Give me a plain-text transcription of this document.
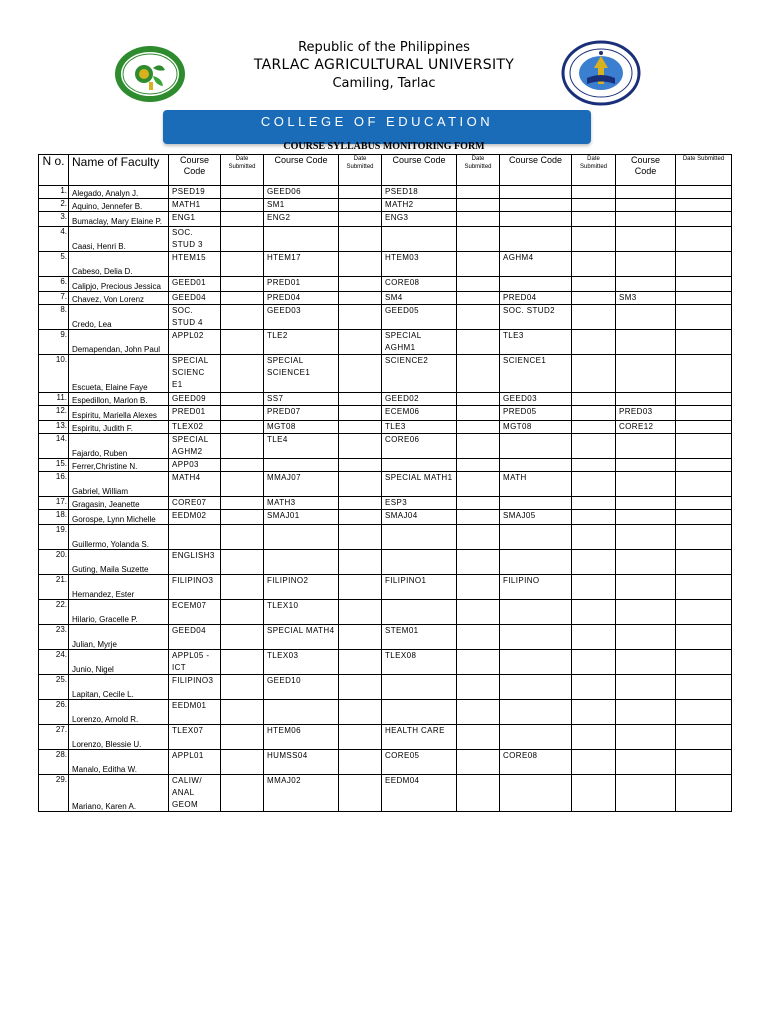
Republic of the Philippines
TARLAC AGRICULTURAL UNIVERSITY
Camiling, Tarlac
COLLEGE OF EDUCATION
COURSE SYLLABUS MONITORING FORM
N o.	Name of Faculty	Course Code	Date Submitted	Course Code	Date Submitted	Course Code	Date Submitted	Course Code	Date Submitted	Course Code	Date Submitted
1.	Alegado, Analyn J.	PSED19		GEED06		PSED18					
2.	Aquino, Jennefer B.	MATH1		SM1		MATH2					
3.	Bumaclay, Mary Elaine P.	ENG1		ENG2		ENG3					
4.	Caasi, Henri B.	SOC. STUD 3									
5.	Cabeso, Delia D.	HTEM15		HTEM17		HTEM03		AGHM4			
6.	Calipjo, Precious Jessica	GEED01		PRED01		CORE08					
7.	Chavez, Von Lorenz	GEED04		PRED04		SM4		PRED04		SM3	
8.	Credo, Lea	SOC. STUD 4		GEED03		GEED05		SOC. STUD2			
9.	Demapendan, John Paul	APPL02		TLE2		SPECIAL AGHM1		TLE3			
10.	Escueta, Elaine Faye	SPECIAL SCIENC E1		SPECIAL SCIENCE1		SCIENCE2		SCIENCE1			
11.	Espedillon, Marlon B.	GEED09		SS7		GEED02		GEED03			
12.	Espiritu, Mariella Alexes	PRED01		PRED07		ECEM06		PRED05		PRED03	
13.	Espiritu, Judith F.	TLEX02		MGT08		TLE3		MGT08		CORE12	
14.	Fajardo, Ruben	SPECIAL AGHM2		TLE4		CORE06					
15.	Ferrer,Christine N.	APP03									
16.	Gabriel, William	MATH4		MMAJ07		SPECIAL MATH1		MATH			
17.	Gragasin, Jeanette	CORE07		MATH3		ESP3					
18.	Gorospe, Lynn Michelle	EEDM02		SMAJ01		SMAJ04		SMAJ05			
19.	Guillermo, Yolanda S.										
20.	Guting, Maila Suzette	ENGLISH3									
21.	Hernandez, Ester	FILIPINO3		FILIPINO2		FILIPINO1		FILIPINO			
22.	Hilario, Gracelle P.	ECEM07		TLEX10							
23.	Julian, Myrje	GEED04		SPECIAL MATH4		STEM01					
24.	Junio, Nigel	APPL05 -ICT		TLEX03		TLEX08					
25.	Lapitan, Cecile L.	FILIPINO3		GEED10							
26.	Lorenzo, Arnold R.	EEDM01									
27.	Lorenzo, Blessie U.	TLEX07		HTEM06		HEALTH CARE					
28.	Manalo, Editha W.	APPL01		HUMSS04		CORE05		CORE08			
29.	Mariano, Karen A.	CALIW/ ANAL GEOM		MMAJ02		EEDM04					
